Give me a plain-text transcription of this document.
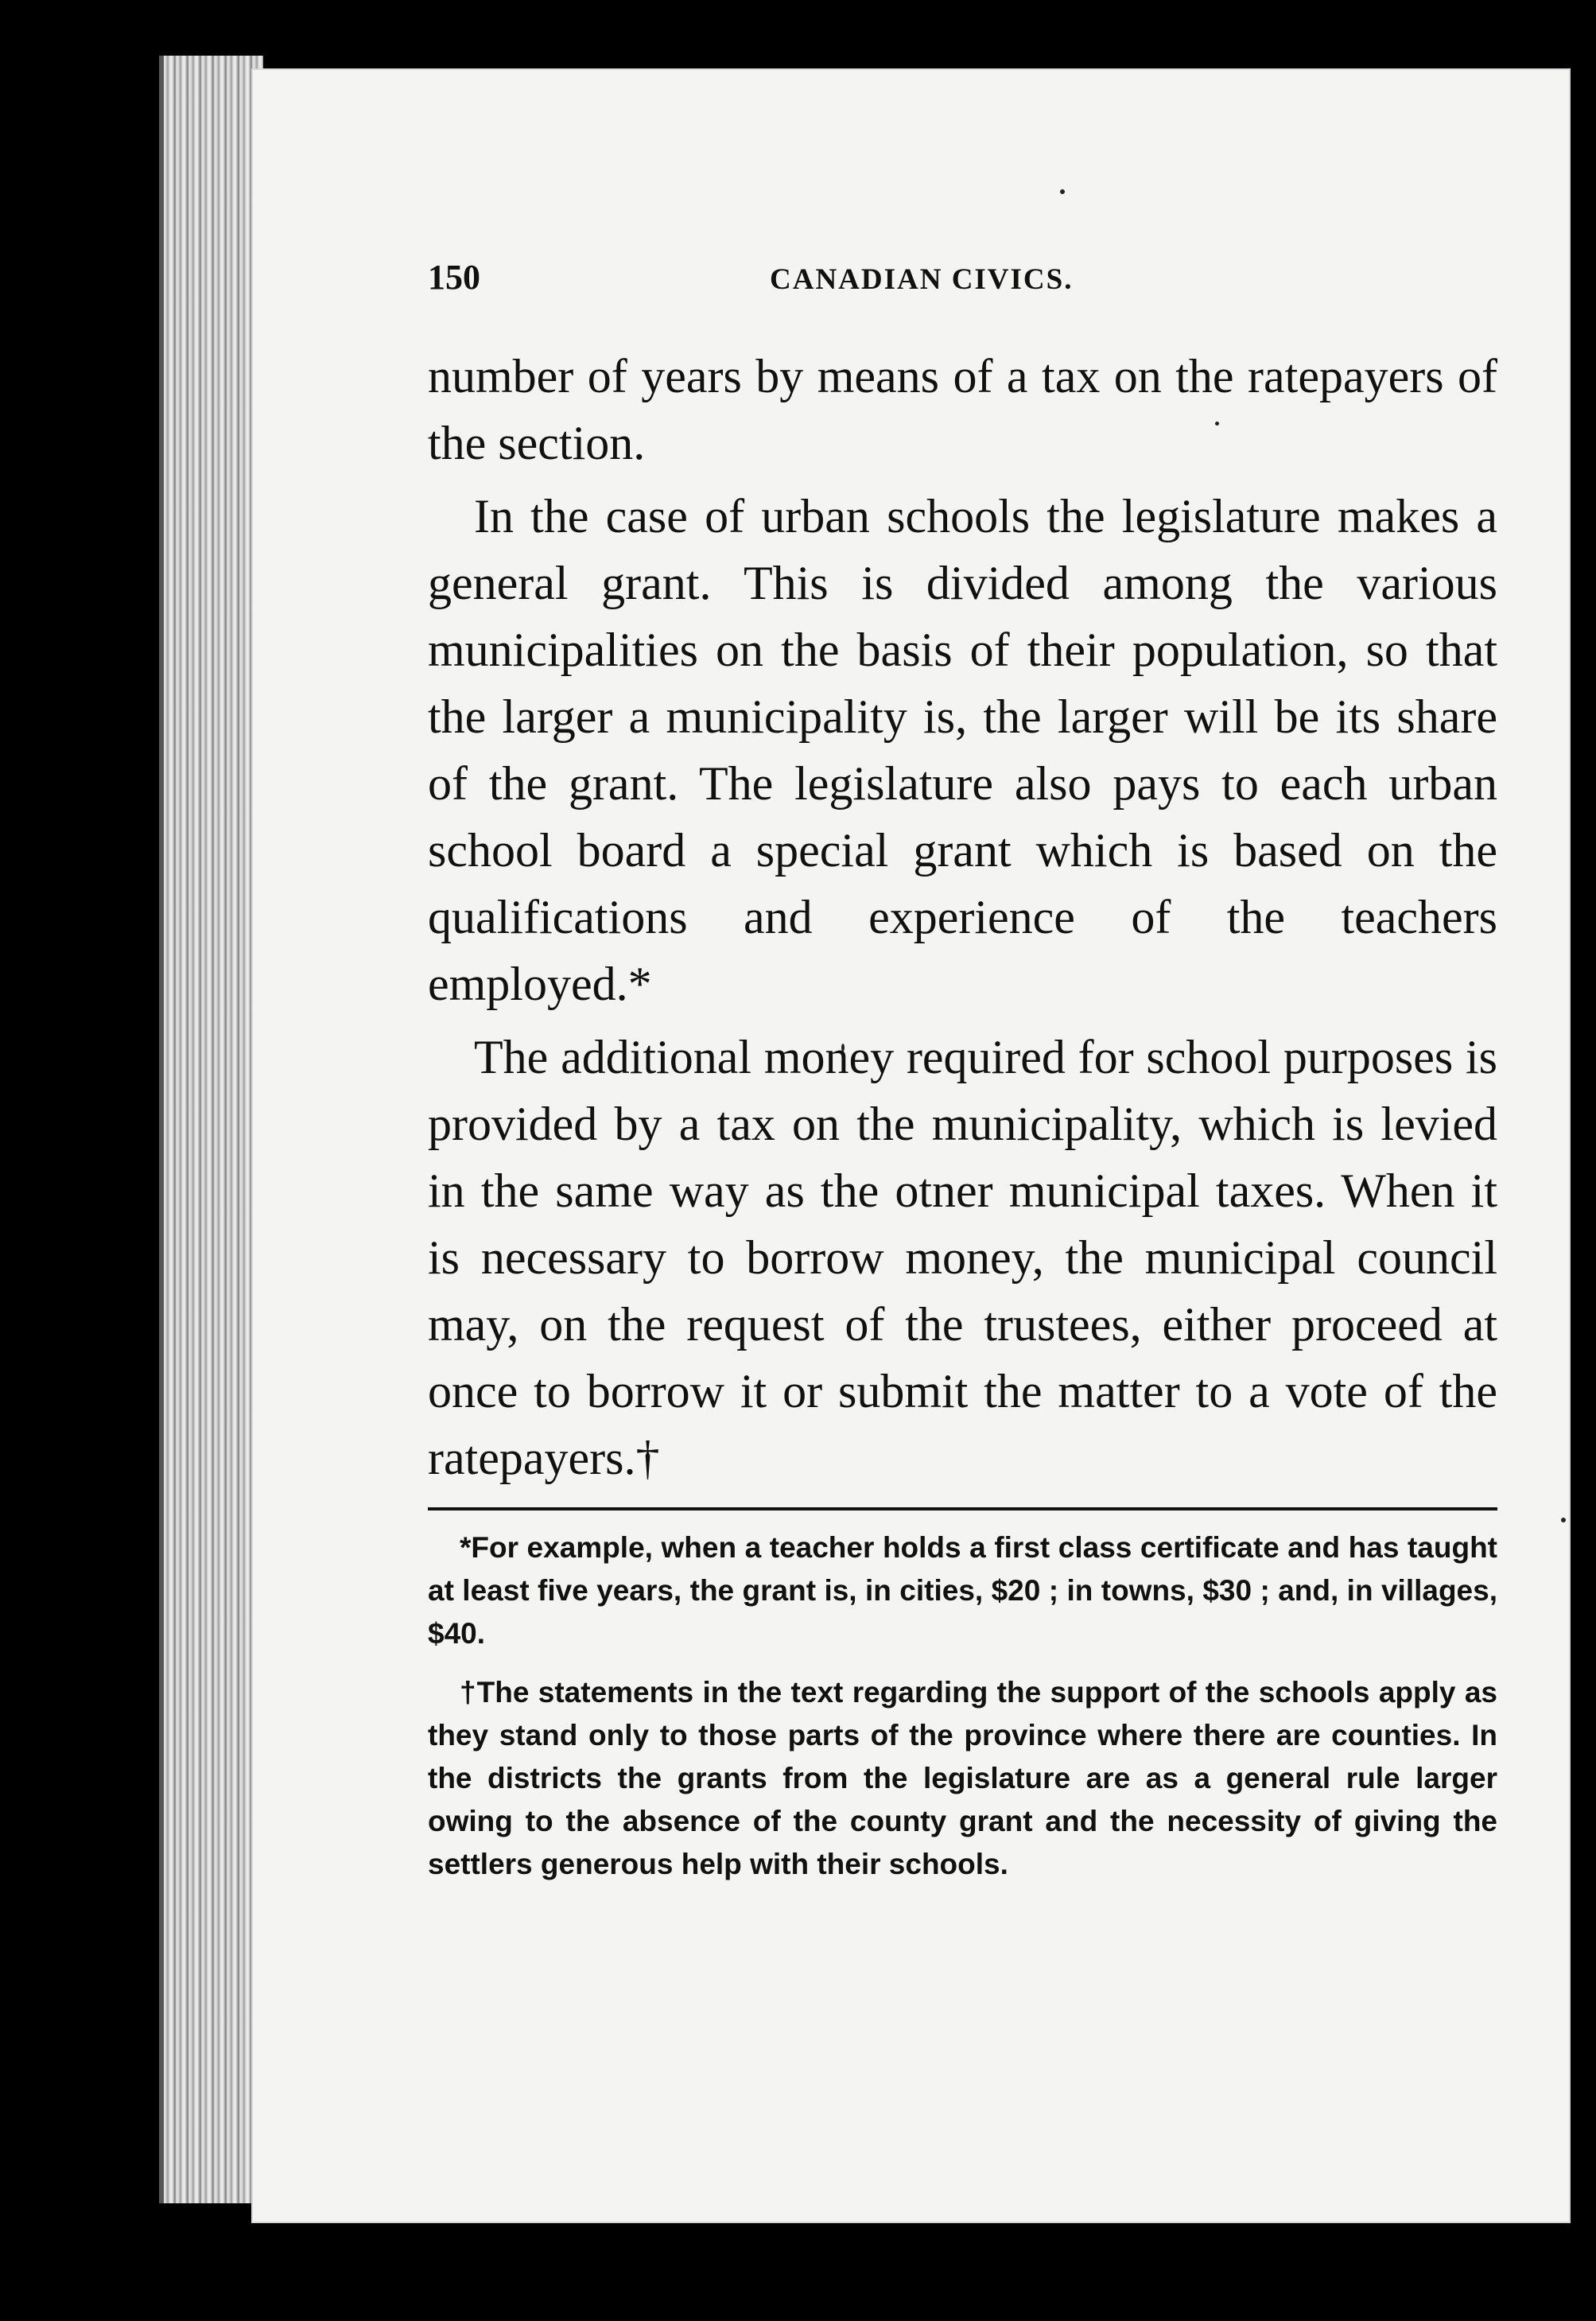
150	CANADIAN CIVICS.

number of years by means of a tax on the ratepayers of the section.

In the case of urban schools the legislature makes a general grant. This is divided among the various municipalities on the basis of their population, so that the larger a municipality is, the larger will be its share of the grant. The legislature also pays to each urban school board a special grant which is based on the qualifications and experience of the teachers employed.*

The additional money required for school purposes is provided by a tax on the municipality, which is levied in the same way as the otner municipal taxes. When it is necessary to borrow money, the municipal council may, on the request of the trustees, either proceed at once to borrow it or submit the matter to a vote of the ratepayers.†

*For example, when a teacher holds a first class certificate and has taught at least five years, the grant is, in cities, $20 ; in towns, $30 ; and, in villages, $40.

†The statements in the text regarding the support of the schools apply as they stand only to those parts of the province where there are counties. In the districts the grants from the legislature are as a general rule larger owing to the absence of the county grant and the necessity of giving the settlers generous help with their schools.
